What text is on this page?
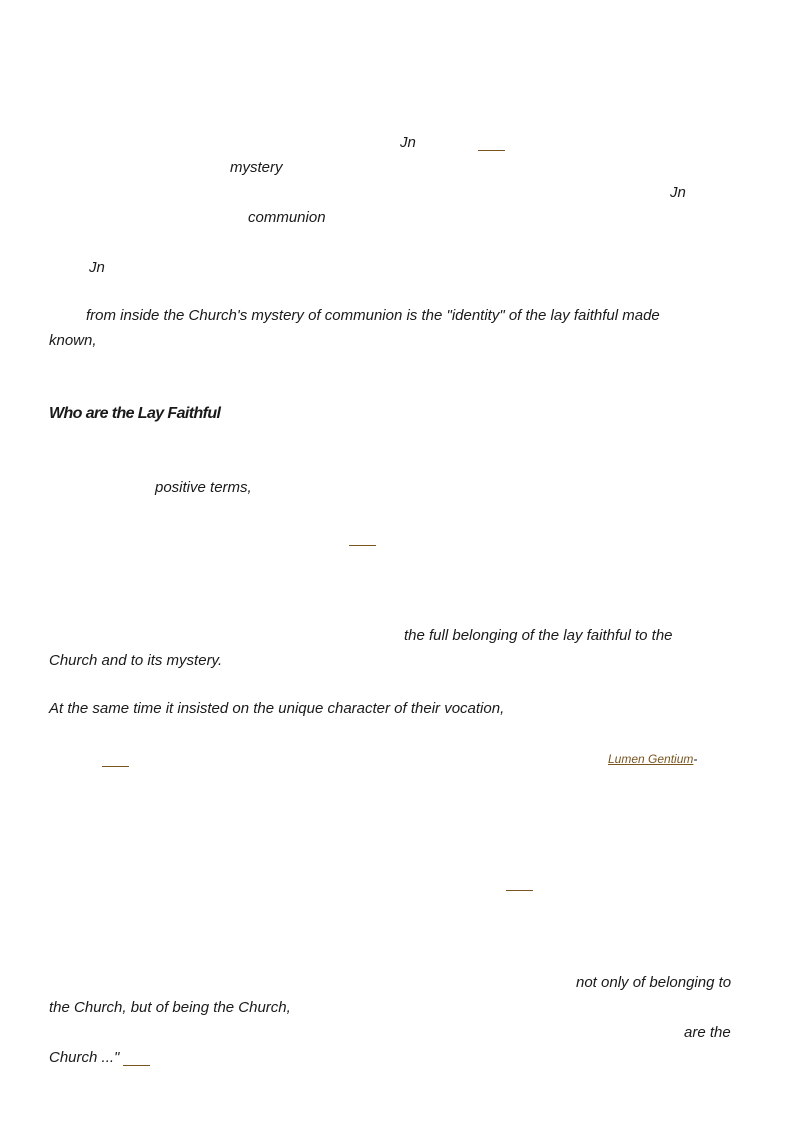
Jn
mystery
Jn
communion
Jn
from inside the Church's mystery of communion is the "identity" of the lay faithful made
known,
Who are the Lay Faithful
positive terms,
the full belonging of the lay faithful to the
Church and to its mystery.
At the same time it insisted on the unique character of their vocation,
Lumen Gentium-
not only of belonging to
the Church, but of being the Church,
are the
Church ..."
